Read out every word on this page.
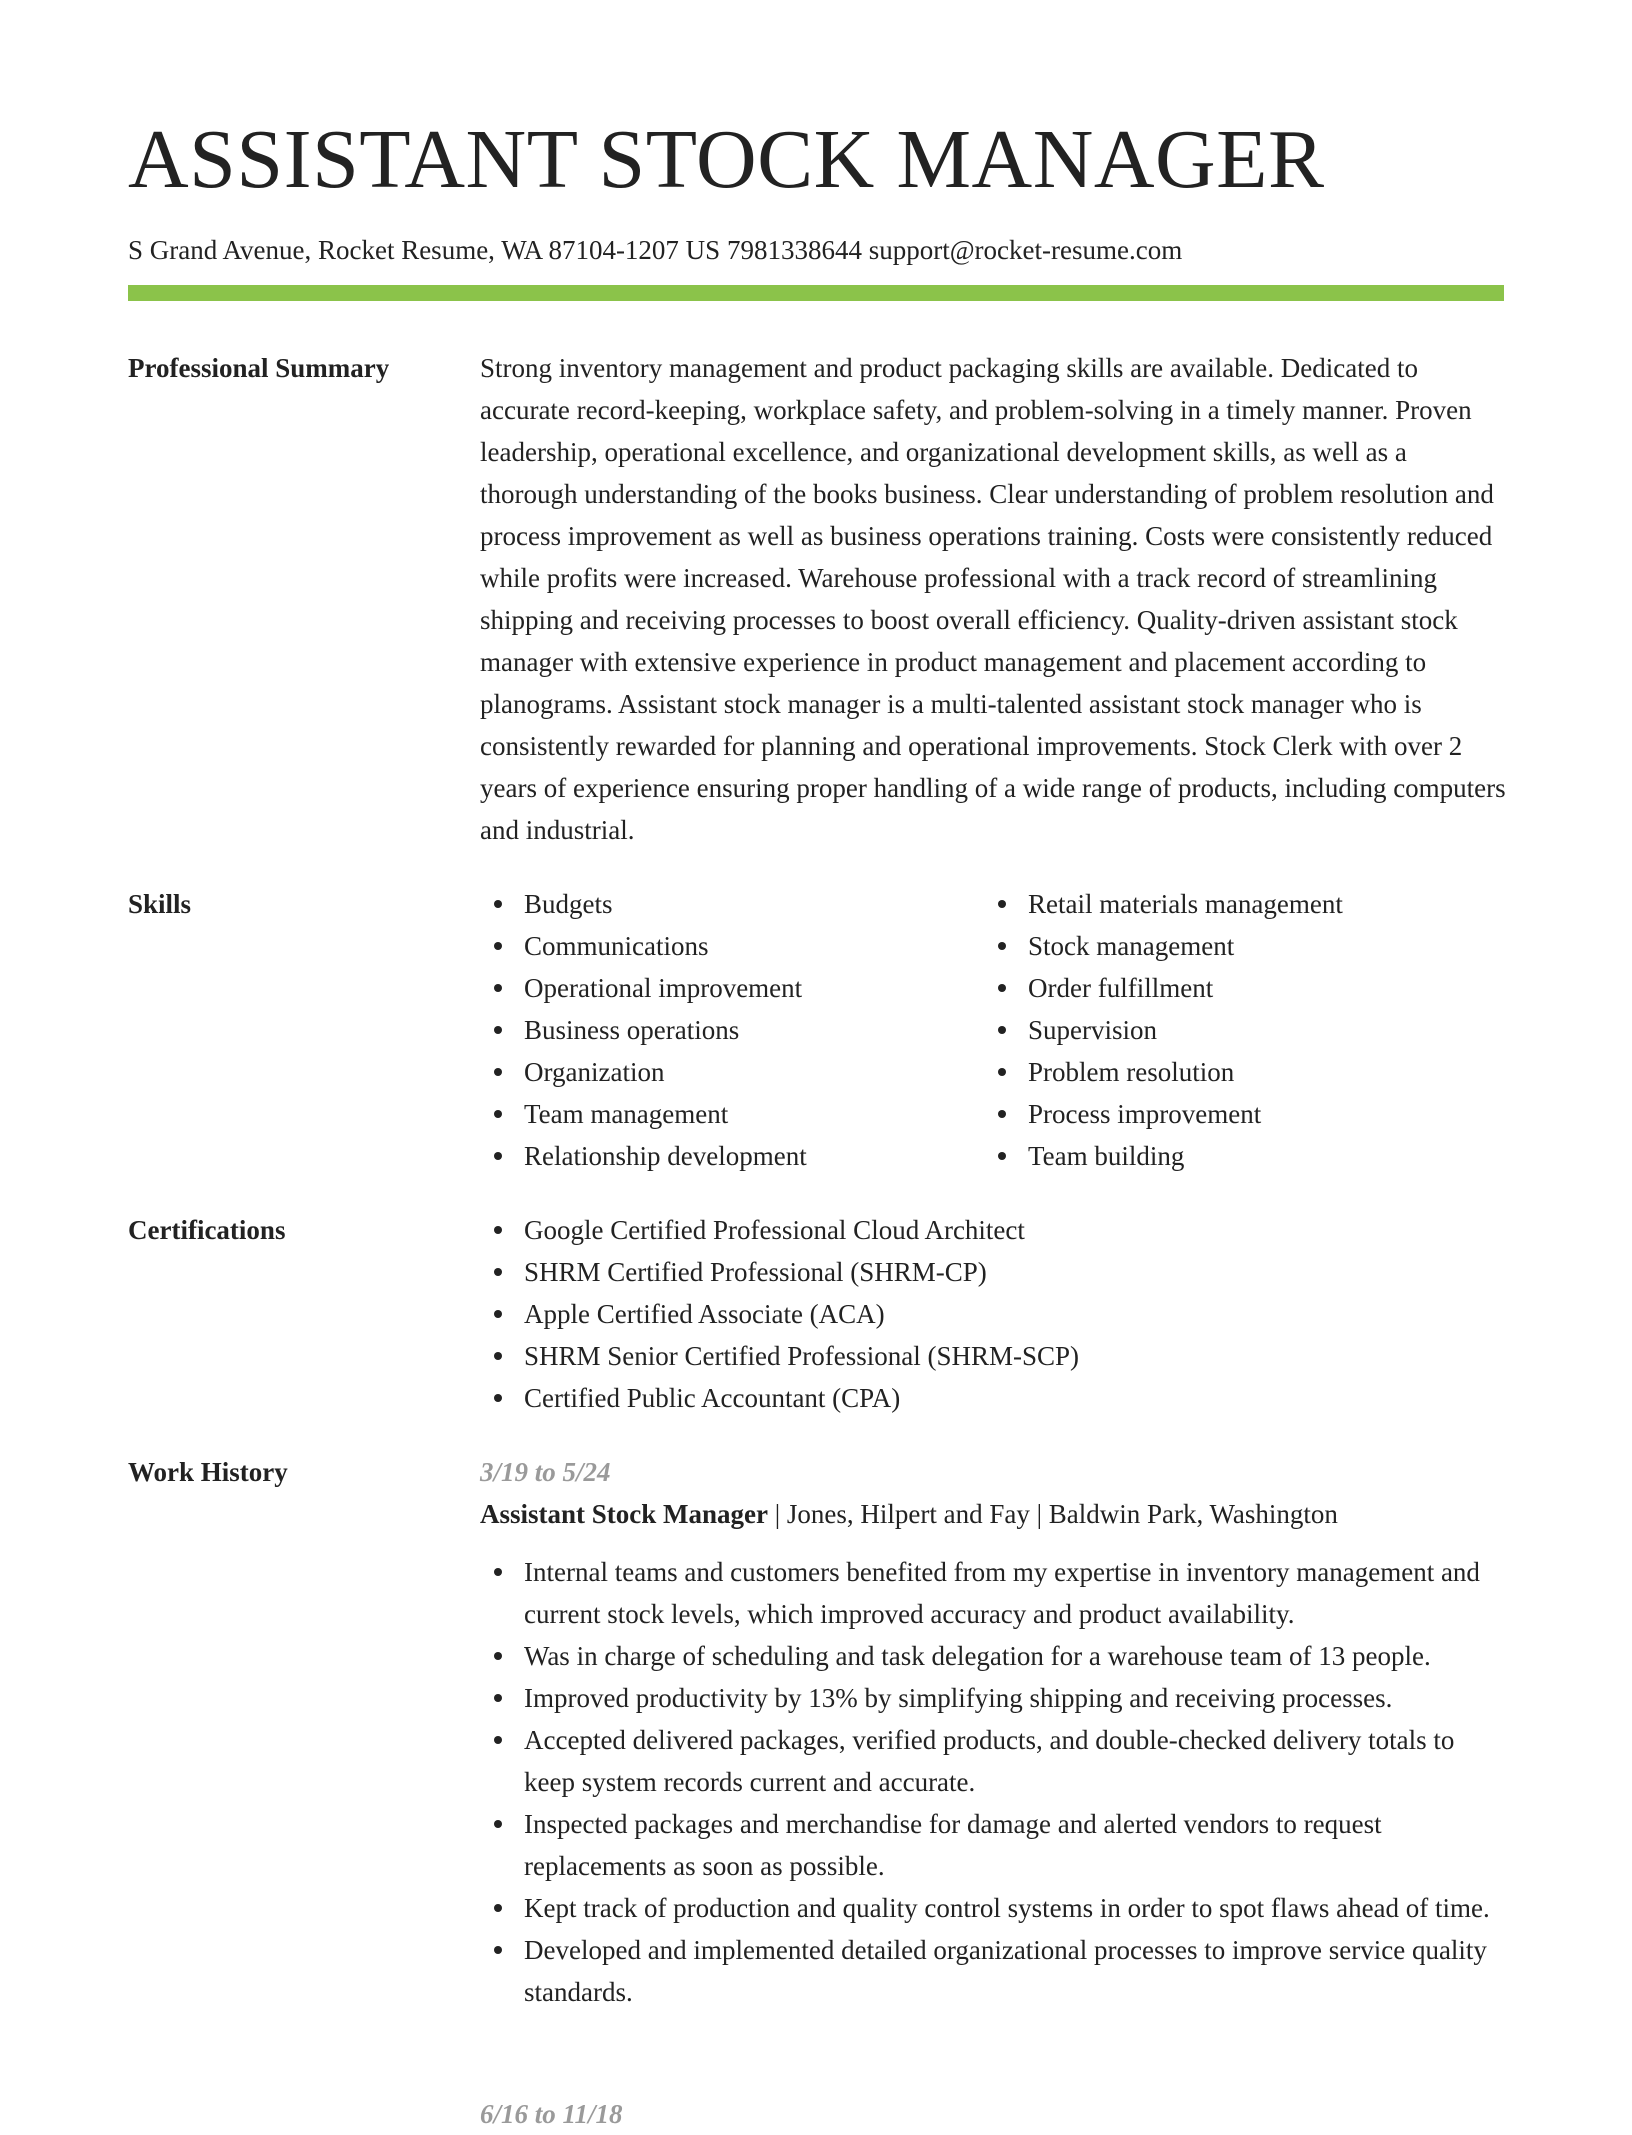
ASSISTANT STOCK MANAGER
S Grand Avenue, Rocket Resume, WA 87104-1207 US 7981338644 support@rocket-resume.com
Professional Summary	Strong inventory management and product packaging skills are available. Dedicated to accurate record-keeping, workplace safety, and problem-solving in a timely manner. Proven leadership, operational excellence, and organizational development skills, as well as a thorough understanding of the books business. Clear understanding of problem resolution and process improvement as well as business operations training. Costs were consistently reduced while profits were increased. Warehouse professional with a track record of streamlining shipping and receiving processes to boost overall efficiency. Quality-driven assistant stock manager with extensive experience in product management and placement according to planograms. Assistant stock manager is a multi-talented assistant stock manager who is consistently rewarded for planning and operational improvements. Stock Clerk with over 2 years of experience ensuring proper handling of a wide range of products, including computers and industrial.

Skills	Budgets
Communications
Operational improvement
Business operations
Organization
Team management
Relationship development
Retail materials management
Stock management
Order fulfillment
Supervision
Problem resolution
Process improvement
Team building
Certifications	Google Certified Professional Cloud Architect
SHRM Certified Professional (SHRM-CP)
Apple Certified Associate (ACA)
SHRM Senior Certified Professional (SHRM-SCP)
Certified Public Accountant (CPA)
Work History	3/19 to 5/24
Assistant Stock Manager | Jones, Hilpert and Fay | Baldwin Park, Washington
Internal teams and customers benefited from my expertise in inventory management and current stock levels, which improved accuracy and product availability.
Was in charge of scheduling and task delegation for a warehouse team of 13 people.
Improved productivity by 13% by simplifying shipping and receiving processes.
Accepted delivered packages, verified products, and double-checked delivery totals to keep system records current and accurate.
Inspected packages and merchandise for damage and alerted vendors to request replacements as soon as possible.
Kept track of production and quality control systems in order to spot flaws ahead of time.
Developed and implemented detailed organizational processes to improve service quality standards.
6/16 to 11/18
